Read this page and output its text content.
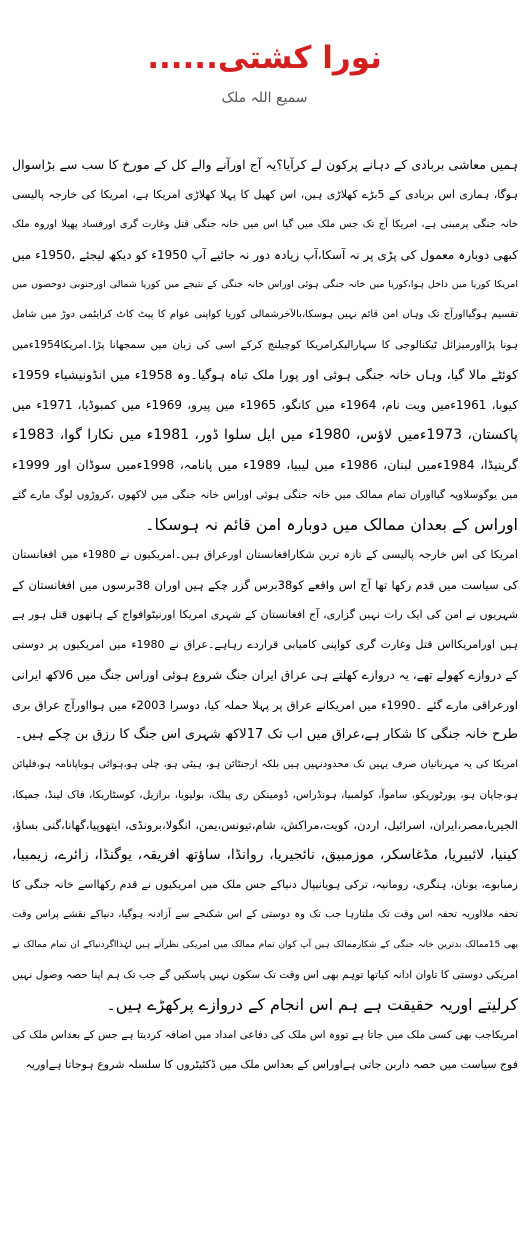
نورا کشتی......
سمیع اللہ ملک
ہمیں معاشی بربادی کے دہانے پرکون لے کرآیا؟یہ آج اورآنے والے کل کے مورخ کا سب سے بڑاسوال
ہوگا، ہماری اس بربادی کے 5بڑے کھلاڑی ہیں، اس کھیل کا پہلا کھلاڑی امریکا ہے، امریکا کی خارجہ پالیسی
خانہ جنگی پرمبنی ہے، امریکا آج تک جس ملک میں گیا اس میں خانہ جنگی قتل وغارت گری اورفساد پھیلا اوروہ ملک
کبھی دوبارہ معمول کی پڑی پر نہ آسکا،آپ زیادہ دور نہ جائیے آپ 1950ء کو دیکھ لیجئے ،1950ء میں
امریکا کوریا میں داخل ہوا،کوریا میں خانہ جنگی ہوئی اوراس خانہ جنگی کے نتیجے میں کوریا شمالی اورجنوبی دوحصوں میں
تقسیم ہوگیااورآج تک وہاں امن قائم نہیں ہوسکا،بالآخرشمالی کوریا کواپنی عوام کا پیٹ کاٹ کرایٹمی دوڑ میں شامل
ہونا پڑااورمیزائل ٹیکنالوجی کا سہارالیکرامریکا کوچیلنج کرکے اسی کی زبان میں سمجھانا پڑا۔امریکا1954ءمیں
کوئٹے مالا گیا، وہاں خانہ جنگی ہوئی اور پورا ملک تباہ ہوگیا۔وہ 1958ء میں انڈونیشیاء 1959ء
کیوبا، 1961ءمیں ویت نام، 1964ء میں کانگو، 1965ء میں پیرو، 1969ء میں کمبوڈیا، 1971ء میں
پاکستان، 1973ءمیں لاؤس، 1980ء میں ایل سلوا ڈور، 1981ء میں نکارا گوا، 1983ء
گرینیڈا، 1984ءمیں لبنان، 1986ء میں لیبیا، 1989ء میں پانامہ، 1998ءمیں سوڈان اور 1999ء
میں یوگوسلاویہ گیااوران تمام ممالک میں خانہ جنگی ہوئی اوراس خانہ جنگی میں لاکھوں ،کروڑوں لوگ مارے گئے
اوراس کے بعدان ممالک میں دوبارہ امن قائم نہ ہوسکا۔
امریکا کی اس خارجہ پالیسی کے تازہ ترین شکارافغانستان اورعراق ہیں۔امریکیوں نے 1980ء میں افغانستان
کی سیاست میں قدم رکھا تھا آج اس واقعے کو38برس گزر چکے ہیں اوران 38برسوں میں افغانستان کے
شہریوں نے امن کی ایک رات نہیں گزاری، آج افغانستان کے شہری امریکا اورنیٹوافواج کے ہاتھوں قتل ہور ہے
ہیں اورامریکااس قتل وغارت گری کواپنی کامیابی قراردے رہاہے۔عراق نے 1980ء میں امریکیوں پر دوستی
کے دروازے کھولے تھے، یہ دروازے کھلتے ہی عراق ایران جنگ شروع ہوئی اوراس جنگ میں 6لاکھ ایرانی
اورعراقی مارے گئے ۔1990ء میں امریکانے عراق پر پہلا حملہ کیا، دوسرا 2003ء میں ہوااورآج عراق بری
طرح خانہ جنگی کا شکار ہے،عراق میں اب تک 17لاکھ شہری اس جنگ کا رزق بن چکے ہیں۔
امریکا کی یہ مہربانیاں صرف یہیں تک محدودنہیں ہیں بلکہ ارجنٹائن ہو، ہیٹی ہو، چلی ہو،ہوائی ہویاپانامہ ہو،فلپائن
ہو،جاپان ہو، پورٹوریکو، ساموآ، کولمبیا، ہونڈراس، ڈومینکن ری پبلک، بولیویا، برازیل، کوسٹاریکا، فاک لینڈ، جمیکا،
الجیریا،مصر،ایران، اسرائیل، اردن، کویت،مراکش، شام،تیونس،یمن، انگولا،برونڈی، ایتھوپیا،گھانا،گنی بساؤ،
کینیا، لائبیریا، مڈغاسکر، موزمبیق، نائجیریا، روانڈا، ساؤتھ افریقہ، یوگنڈا، زائرے، زیمبیا،
زمبابوے، یونان، ہنگری، رومانیہ، ترکی ہویانیپال دنیاکے جس ملک میں امریکیوں نے قدم رکھااسے خانہ جنگی کا
تحفہ ملااوریہ تحفہ اس وقت تک ملتارہا جب تک وہ دوستی کے اس شکنجے سے آزادنہ ہوگیا، دنیاکے نقشے پراس وقت
بھی 15ممالک بدترین خانہ جنگی کے شکارممالک ہیں آپ کوان تمام ممالک میں امریکی نظرآتے ہیں لہٰذااگردنیاکے ان تمام ممالک نے
امریکی دوستی کا تاوان ادانہ کیاتھا توہم بھی اس وقت تک سکون نہیں پاسکیں گے جب تک ہم اپنا حصہ وصول نہیں
کرلیتے اوریہ حقیقت ہے ہم اس انجام کے دروازے پرکھڑے ہیں۔
امریکاجب بھی کسی ملک میں جاتا ہے تووہ اس ملک کی دفاعی امداد میں اضافہ کردیتا ہے جس کے بعداس ملک کی
فوج سیاست میں حصہ داربن جاتی ہےاوراس کے بعداس ملک میں ڈکٹیٹروں کا سلسلہ شروع ہوجاتا ہےاوریہ
